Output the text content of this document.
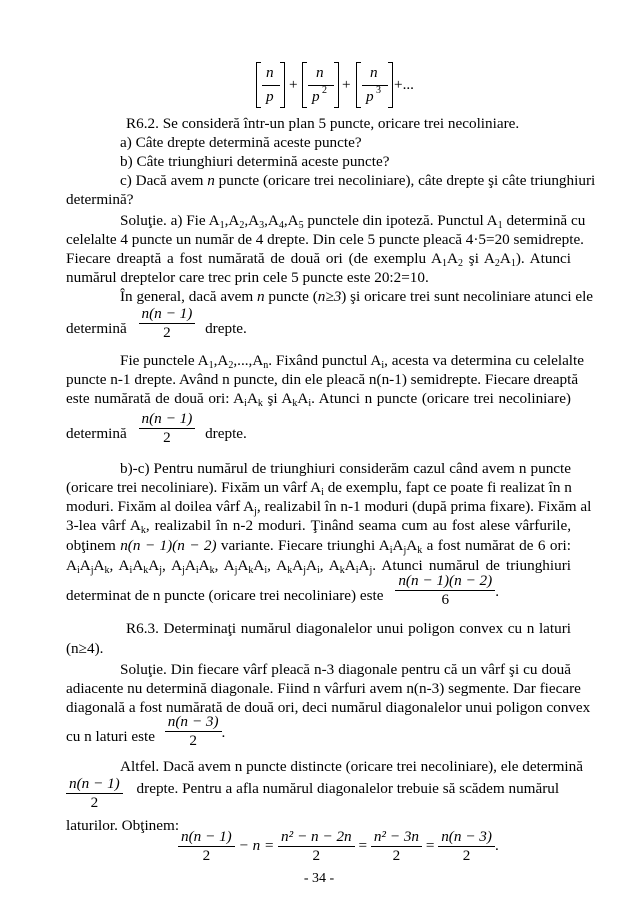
n
p
+
n
p 2 +
n
p 3 +...
R6.2. Se consideră într-un plan 5 puncte, oricare trei necoliniare.
a) Câte drepte determină aceste puncte?
b) Câte triunghiuri determină aceste puncte?
c) Dacă avem n puncte (oricare trei necoliniare), câte drepte şi câte triunghiuri
determină?
Soluţie. a) Fie $A_1,A_2,A_3,A_4,A_5$ punctele din ipoteză. Punctul $A_1$ determină cu
celelalte 4 puncte un număr de 4 drepte. Din cele 5 puncte pleacă 4·5=20 semidrepte.
Fiecare dreaptă a fost numărată de două ori (de exemplu $A_1A_2$ şi $A_2A_1$). Atunci
numărul dreptelor care trec prin cele 5 puncte este 20:2=10.
În general, dacă avem n puncte (n≥3) şi oricare trei sunt necoliniare atunci ele
determină $\frac{n(n - 1)}{2}$ drepte.
Fie punctele $A_1,A_2,...,A_n$. Fixând punctul $A_i$, acesta va determina cu celelalte
puncte n-1 drepte. Având n puncte, din ele pleacă n(n-1) semidrepte. Fiecare dreaptă
este numărată de două ori: $A_iA_k$ şi $A_kA_i$. Atunci n puncte (oricare trei necoliniare)
determină $\frac{n(n - 1)}{2}$ drepte.
b)-c) Pentru numărul de triunghiuri considerăm cazul când avem n puncte
(oricare trei necoliniare). Fixăm un vârf $A_i$ de exemplu, fapt ce poate fi realizat în n
moduri. Fixăm al doilea vârf $A_j$, realizabil în n-1 moduri (după prima fixare). Fixăm al
3-lea vârf $A_k$, realizabil în n-2 moduri. Ţinând seama cum au fost alese vârfurile,
obţinem n(n − 1)(n − 2) variante. Fiecare triunghi $A_iA_jA_k$ a fost numărat de 6 ori:
$A_iA_jA_k$, $A_iA_kA_j$, $A_jA_iA_k$, $A_jA_kA_i$, $A_kA_jA_i$, $A_kA_iA_j$. Atunci numărul de triunghiuri
determinat de n puncte (oricare trei necoliniare) este $\frac{n(n - 1)(n - 2)}{6}$ .
R6.3. Determinaţi numărul diagonalelor unui poligon convex cu n laturi
(n≥4).
Soluţie. Din fiecare vârf pleacă n-3 diagonale pentru că un vârf şi cu două
adiacente nu determină diagonale. Fiind n vârfuri avem n(n-3) segmente. Dar fiecare
diagonală a fost numărată de două ori, deci numărul diagonalelor unui poligon convex
cu n laturi este $\frac{n(n - 3)}{2}$ .
Altfel. Dacă avem n puncte distincte (oricare trei necoliniare), ele determină
$\frac{n(n - 1)}{2}$ drepte. Pentru a afla numărul diagonalelor trebuie să scădem numărul
laturilor. Obţinem:
$\frac{n(n - 1)}{2} - n = \frac{\text{n² − n − 2n}}{2} = \frac{\text{n² − 3n}}{2} = \frac{n(n - 3)}{2}$ .
- 34 -
